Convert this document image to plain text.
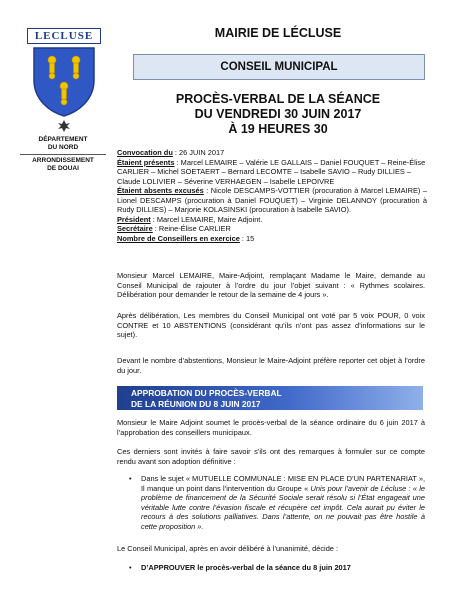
LECLUSE
DÉPARTEMENT
DU NORD
ARRONDISSEMENT
DE DOUAI
MAIRIE DE LÉCLUSE
CONSEIL MUNICIPAL
PROCÈS-VERBAL DE LA SÉANCE
DU VENDREDI 30 JUIN 2017
À 19 HEURES 30

Convocation du : 26 JUIN 2017

Étaient présents : Marcel LEMAIRE – Valérie LE GALLAIS – Daniel FOUQUET – Reine-Élise CARLIER – Michel SOETAERT – Bernard LECOMTE – Isabelle SAVIO – Rudy DILLIES – Claude LOLIVIER – Séverine VERHAEGEN – Isabelle LEPOIVRE

Étaient absents excusés : Nicole DESCAMPS-VOTTIER (procuration à Marcel LEMAIRE) – Lionel DESCAMPS (procuration à Daniel FOUQUET) – Virginie DELANNOY (procuration à Rudy DILLIES) – Marjorie KOLASINSKI (procuration à Isabelle SAVIO).

Président : Marcel LEMAIRE, Maire Adjoint.

Secrétaire : Reine-Élise CARLIER

Nombre de Conseillers en exercice : 15

Monsieur Marcel LEMAIRE, Maire-Adjoint, remplaçant Madame le Maire, demande au Conseil Municipal de rajouter à l’ordre du jour l’objet suivant : « Rythmes scolaires. Délibération pour demander le retour de la semaine de 4 jours ».

Après délibération, Les membres du Conseil Municipal ont voté par 5 voix POUR, 0 voix CONTRE et 10 ABSTENTIONS (considérant qu’ils n’ont pas assez d’informations sur le sujet).

Devant le nombre d’abstentions, Monsieur le Maire-Adjoint préfère reporter cet objet à l’ordre du jour.

APPROBATION DU PROCÈS-VERBAL
DE LA RÉUNION DU 8 JUIN 2017

Monsieur le Maire Adjoint soumet le procès-verbal de la séance ordinaire du 6 juin 2017 à l’approbation des conseillers municipaux.

Ces derniers sont invités à faire savoir s’ils ont des remarques à formuler sur ce compte rendu avant son adoption définitive :

• Dans le sujet « MUTUELLE COMMUNALE : MISE EN PLACE D’UN PARTENARIAT », Il manque un point dans l’intervention du Groupe « Unis pour l’avenir de Lécluse : « le problème de financement de la Sécurité Sociale serait résolu si l’État engageait une véritable lutte contre l’évasion fiscale et récupère cet impôt. Cela aurait pu éviter le recours à des solutions palliatives. Dans l’attente, on ne pouvait pas être hostile à cette proposition ».

Le Conseil Municipal, après en avoir délibéré à l’unanimité, décide :

• D’APPROUVER le procès-verbal de la séance du 8 juin 2017
